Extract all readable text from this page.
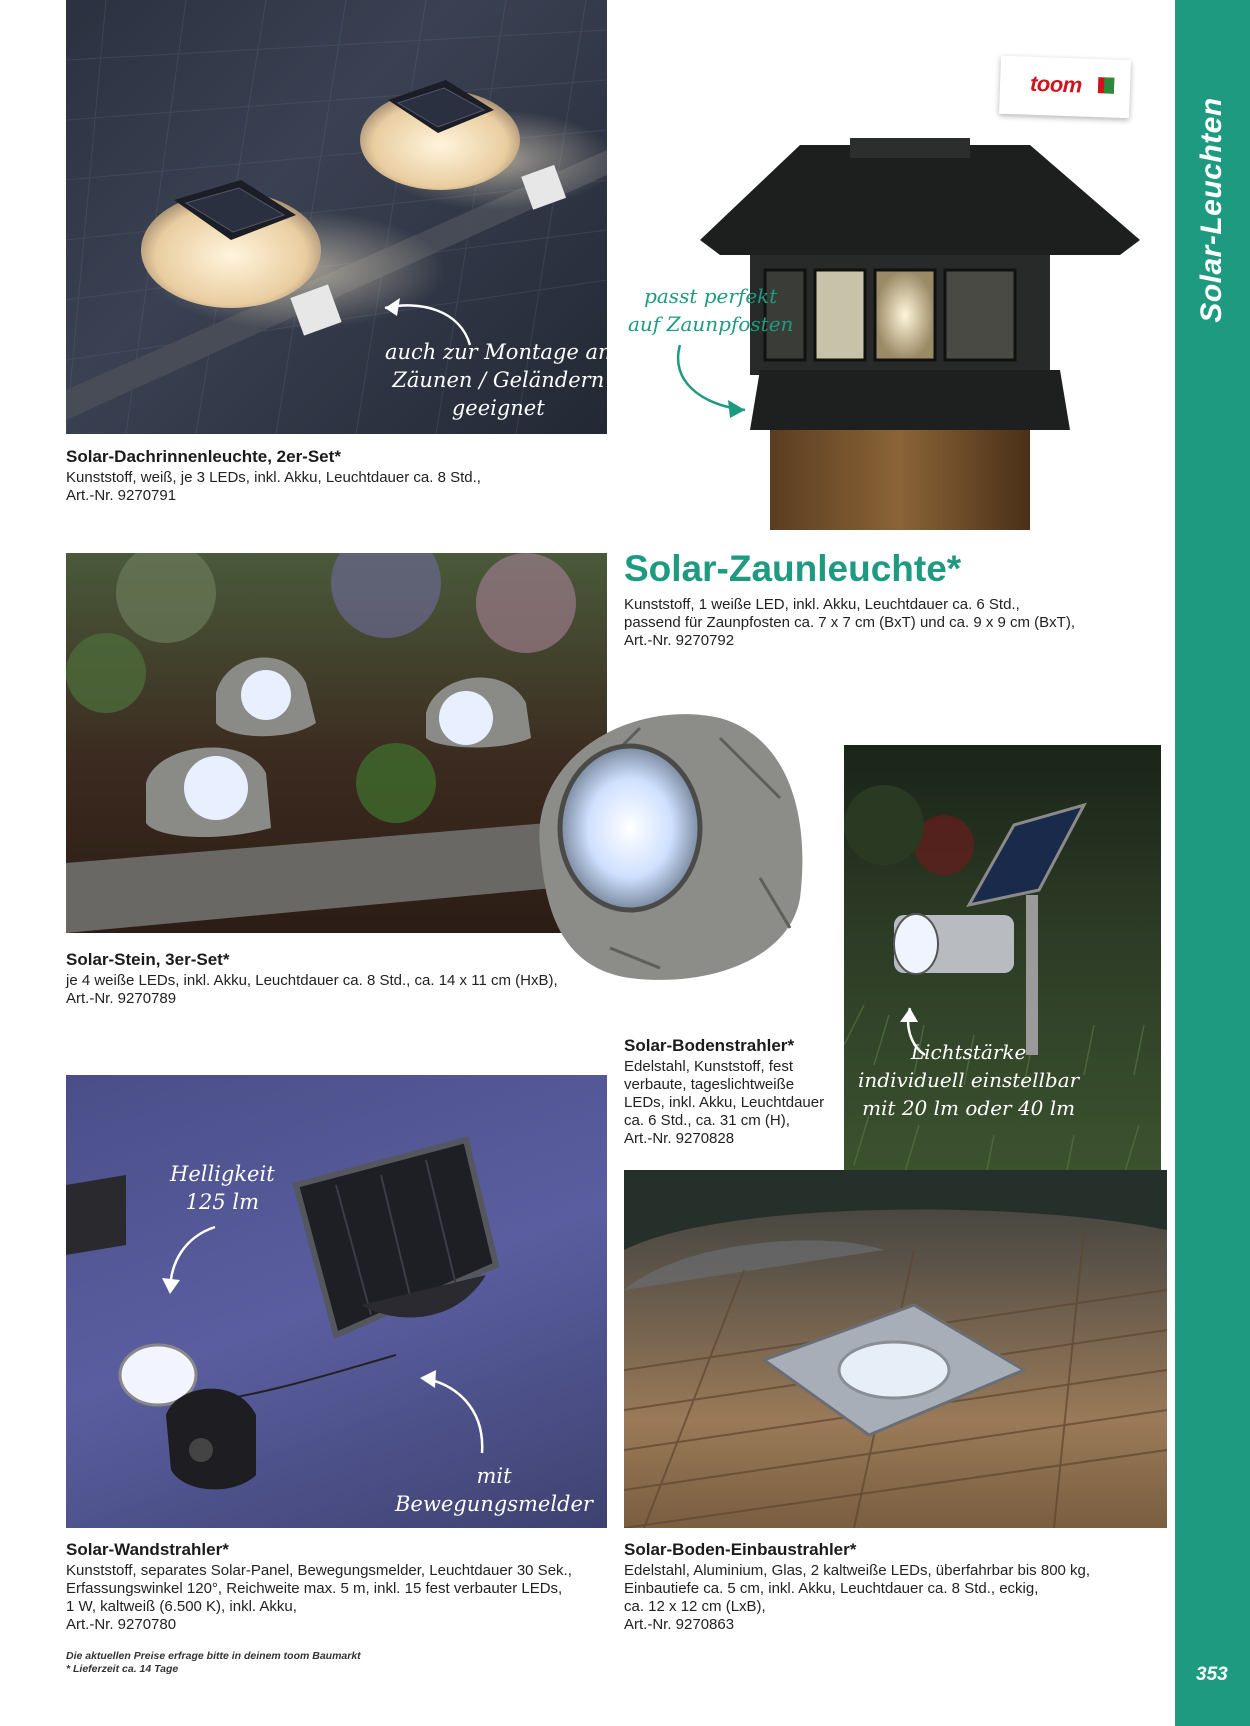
Solar-Leuchten
353
auch zur Montage an
Zäunen / Geländern
geeignet
passt perfekt
auf Zaunpfosten
toom
Solar-Dachrinnenleuchte, 2er-Set*
Kunststoff, weiß, je 3 LEDs, inkl. Akku, Leuchtdauer ca. 8 Std.,
Art.-Nr. 9270791
Solar-Zaunleuchte*
Kunststoff, 1 weiße LED, inkl. Akku, Leuchtdauer ca. 6 Std.,
passend für Zaunpfosten ca. 7 x 7 cm (BxT) und ca. 9 x 9 cm (BxT),
Art.-Nr. 9270792
Solar-Stein, 3er-Set*
je 4 weiße LEDs, inkl. Akku, Leuchtdauer ca. 8 Std., ca. 14 x 11 cm (HxB),
Art.-Nr. 9270789
Lichtstärke
individuell einstellbar
mit 20 lm oder 40 lm
Solar-Bodenstrahler*
Edelstahl, Kunststoff, fest
verbaute, tageslichtweiße
LEDs, inkl. Akku, Leuchtdauer
ca. 6 Std., ca. 31 cm (H),
Art.-Nr. 9270828
Helligkeit
125 lm
mit
Bewegungsmelder
Solar-Wandstrahler*
Kunststoff, separates Solar-Panel, Bewegungsmelder, Leuchtdauer 30 Sek.,
Erfassungswinkel 120°, Reichweite max. 5 m, inkl. 15 fest verbauter LEDs,
1 W, kaltweiß (6.500 K), inkl. Akku,
Art.-Nr. 9270780
Solar-Boden-Einbaustrahler*
Edelstahl, Aluminium, Glas, 2 kaltweiße LEDs, überfahrbar bis 800 kg,
Einbautiefe ca. 5 cm, inkl. Akku, Leuchtdauer ca. 8 Std., eckig,
ca. 12 x 12 cm (LxB),
Art.-Nr. 9270863
Die aktuellen Preise erfrage bitte in deinem toom Baumarkt
* Lieferzeit ca. 14 Tage
